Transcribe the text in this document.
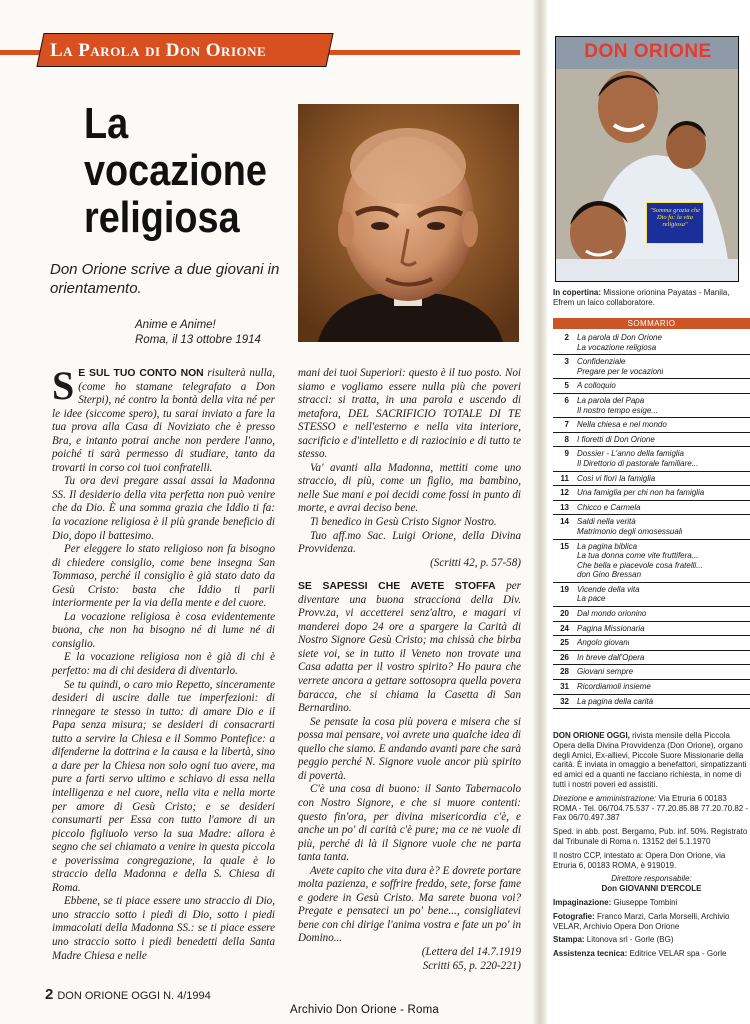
La Parola di Don Orione
La
vocazione
religiosa
Don Orione scrive a due giovani in orientamento.
Anime e Anime!
Roma, il 13 ottobre 1914

S E SUL TUO CONTO NON risulterà nulla, (come ho stamane telegrafato a Don Sterpi), né contro la bontà della vita né per le idee (siccome spero), tu sarai inviato a fare la tua prova alla Casa di Noviziato che è presso Bra, e intanto potrai anche non perdere l'anno, poiché ti sarà permesso di studiare, tanto da trovarti in corso coi tuoi confratelli.

Tu ora devi pregare assai assai la Madonna SS. Il desiderio della vita perfetta non può venire che da Dio. È una somma grazia che Iddio ti fa: la vocazione religiosa è il più grande beneficio di Dio, dopo il battesimo.

Per eleggere lo stato religioso non fa bisogno di chiedere consiglio, come bene insegna San Tommaso, perché il consiglio è già stato dato da Gesù Cristo: basta che Iddio ti parli interiormente per la via della mente e del cuore.

La vocazione religiosa è cosa evidentemente buona, che non ha bisogno né di lume né di consiglio.

E la vocazione religiosa non è già di chi è perfetto: ma di chi desidera di diventarlo.

Se tu quindi, o caro mio Repetto, sinceramente desideri di uscire dalle tue imperfezioni: di rinnegare te stesso in tutto: di amare Dio e il Papa senza misura; se desideri di consacrarti tutto a servire la Chiesa e il Sommo Pontefice: a difenderne la dottrina e la causa e la libertà, sino a dare per la Chiesa non solo ogni tuo avere, ma pure a farti servo ultimo e schiavo di essa nella intelligenza e nel cuore, nella vita e nella morte per amore di Gesù Cristo; e se desideri consumarti per Essa con tutto l'amore di un piccolo figliuolo verso la sua Madre: allora è segno che sei chiamato a venire in questa piccola e poverissima congregazione, la quale è lo straccio della Madonna e della S. Chiesa di Roma.

Ebbene, se ti piace essere uno straccio di Dio, uno straccio sotto i piedi di Dio, sotto i piedi immacolati della Madonna SS.: se ti piace essere uno straccio sotto i piedi benedetti della Santa Madre Chiesa e nelle

mani dei tuoi Superiori: questo è il tuo posto. Noi siamo e vogliamo essere nulla più che poveri stracci: si tratta, in una parola e uscendo di metafora, DEL SACRIFICIO TOTALE DI TE STESSO e nell'esterno e nella vita interiore, sacrificio e d'intelletto e di raziocinio e di tutto te stesso.

Va' avanti alla Madonna, mettiti come uno straccio, di più, come un figlio, ma bambino, nelle Sue mani e poi decidi come fossi in punto di morte, e avrai deciso bene.

Ti benedico in Gesù Cristo Signor Nostro.

Tuo aff.mo Sac. Luigi Orione, della Divina Provvidenza.

(Scritti 42, p. 57-58)

SE SAPESSI CHE AVETE STOFFA per diventare una buona stracciona della Div. Provv.za, vi accetterei senz'altro, e magari vi manderei dopo 24 ore a spargere la Carità di Nostro Signore Gesù Cristo; ma chissà che birba siete voi, se in tutto il Veneto non trovate una Casa adatta per il vostro spirito? Ho paura che verrete ancora a gettare sottosopra quella povera baracca, che si chiama la Casetta di San Bernardino.

Se pensate la cosa più povera e misera che si possa mai pensare, voi avrete una qualche idea di quello che siamo. E andando avanti pare che sarà peggio perché N. Signore vuole ancor più spirito di povertà.

C'è una cosa di buono: il Santo Tabernacolo con Nostro Signore, e che si muore contenti: questo fin'ora, per divina misericordia c'è, e anche un po' di carità c'è pure; ma ce ne vuole di più, perché di là il Signore vuole che ne parta tanta tanta.

Avete capito che vita dura è? E dovrete portare molta pazienza, e soffrire freddo, sete, forse fame e godere in Gesù Cristo. Ma sarete buona voi? Pregate e pensateci un po' bene..., consigliatevi bene con chi dirige l'anima vostra e fate un po' in Domino...

(Lettera del 14.7.1919

Scritti 65, p. 220-221)

2 DON ORIONE OGGI N. 4/1994
DON ORIONE
"Somma grazia che Dio fa: la vita religiosa"
In copertina: Missione orionina Payatas - Manila, Efrem un laico collaboratore.
SOMMARIO
2	La parola di Don Orione
La vocazione religiosa
3	Confidenziale
Pregare per le vocazioni
5	A colloquio
6	La parola del Papa
Il nostro tempo esige...
7	Nella chiesa e nel mondo
8	I fioretti di Don Orione
9	Dossier - L'anno della famiglia
Il Direttorio di pastorale familiare...
11	Così vi fiorì la famiglia
12	Una famiglia per chi non ha famiglia
13	Chicco e Carmela
14	Saldi nella verità
Matrimonio degli omosessuali
15	La pagina biblica
La tua donna come vite fruttifera...
Che bella e piacevole cosa fratelli...
don Gino Bressan
19	Vicende della vita
La pace
20	Dal mondo orionino
24	Pagina Missionaria
25	Angolo giovani
26	In breve dall'Opera
28	Giovani sempre
31	Ricordiamoli insieme
32	La pagina della carità

DON ORIONE OGGI, rivista mensile della Piccola Opera della Divina Provvidenza (Don Orione), organo degli Amici, Ex-allievi, Piccole Suore Missionarie della carità. È inviata in omaggio a benefattori, simpatizzanti ed amici ed a quanti ne facciano richiesta, in nome di tutti i nostri poveri ed assistiti.

Direzione e amministrazione: Via Etruria 6 00183 ROMA - Tel. 06/704.75.537 - 77.20.85.88 77.20.70.82 - Fax 06/70.497.387

Sped. in abb. post. Bergamo, Pub. inf. 50%. Registrato dal Tribunale di Roma n. 13152 del 5.1.1970

Il nostro CCP, intestato a: Opera Don Orione, via Etruria 6, 00183 ROMA, è 919019.

Direttore responsabile:
Don GIOVANNI D'ERCOLE

Impaginazione: Giuseppe Tombini

Fotografie: Franco Marzi, Carla Morselli, Archivio VELAR, Archivio Opera Don Orione

Stampa: Litonova srl - Gorle (BG)

Assistenza tecnica: Editrice VELAR spa - Gorle

Archivio Don Orione - Roma
